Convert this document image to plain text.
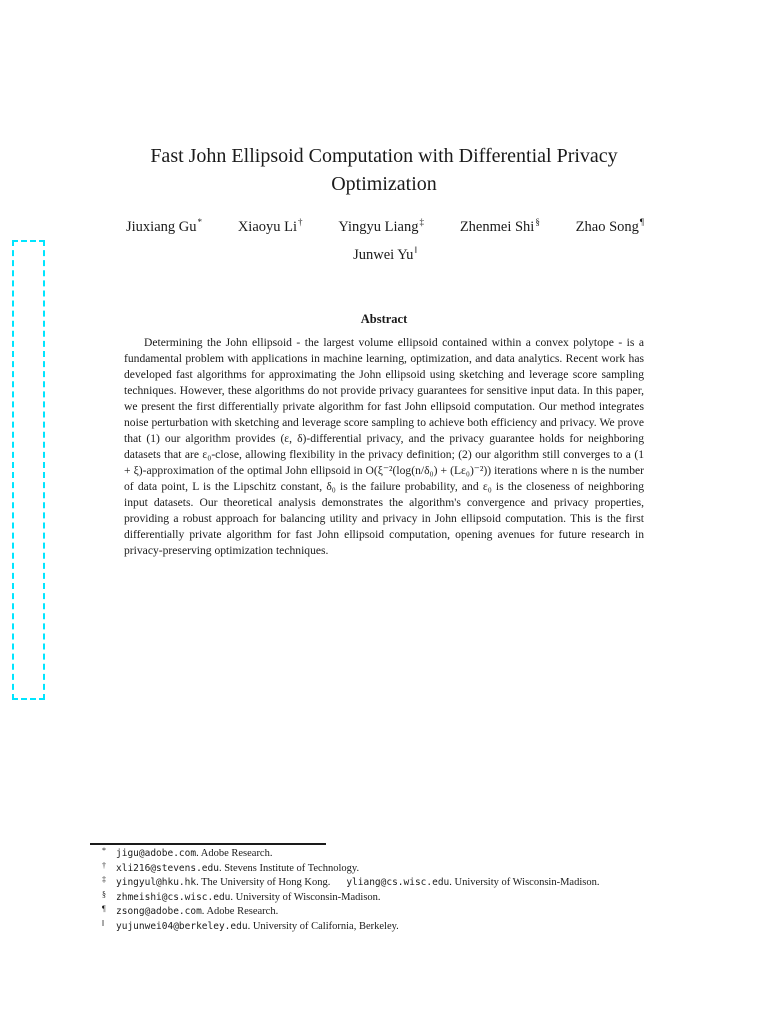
Fast John Ellipsoid Computation with Differential Privacy Optimization
Jiuxiang Gu* Xiaoyu Li† Yingyu Liang‡ Zhenmei Shi§ Zhao Song¶
Junwei Yu‖
Abstract
Determining the John ellipsoid - the largest volume ellipsoid contained within a convex polytope - is a fundamental problem with applications in machine learning, optimization, and data analytics. Recent work has developed fast algorithms for approximating the John ellipsoid using sketching and leverage score sampling techniques. However, these algorithms do not provide privacy guarantees for sensitive input data. In this paper, we present the first differentially private algorithm for fast John ellipsoid computation. Our method integrates noise perturbation with sketching and leverage score sampling to achieve both efficiency and privacy. We prove that (1) our algorithm provides (ε, δ)-differential privacy, and the privacy guarantee holds for neighboring datasets that are ε₀-close, allowing flexibility in the privacy definition; (2) our algorithm still converges to a (1 + ξ)-approximation of the optimal John ellipsoid in O(ξ⁻²(log(n/δ₀) + (Lε₀)⁻²)) iterations where n is the number of data point, L is the Lipschitz constant, δ₀ is the failure probability, and ε₀ is the closeness of neighboring input datasets. Our theoretical analysis demonstrates the algorithm's convergence and privacy properties, providing a robust approach for balancing utility and privacy in John ellipsoid computation. This is the first differentially private algorithm for fast John ellipsoid computation, opening avenues for future research in privacy-preserving optimization techniques.
*	jigu@adobe.com . Adobe Research.
†	xli216@stevens.edu . Stevens Institute of Technology.
‡	yingyul@hku.hk . The University of Hong Kong. yliang@cs.wisc.edu . University of Wisconsin-Madison.
§	zhmeishi@cs.wisc.edu . University of Wisconsin-Madison.
¶	zsong@adobe.com . Adobe Research.
‖	yujunwei04@berkeley.edu . University of California, Berkeley.
